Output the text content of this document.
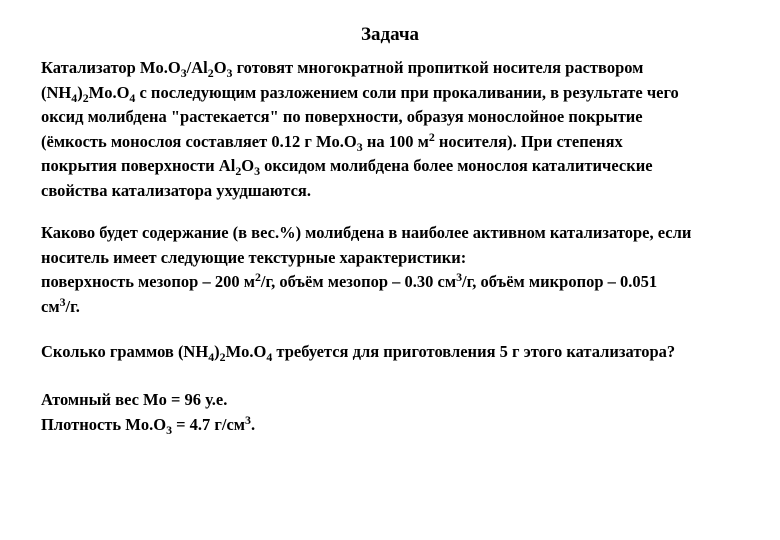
Задача
Катализатор $Mo.O_3/Al_2O_3$ готовят многократной пропиткой носителя раствором
$(NH_4)_2Mo.O_4$ с последующим разложением соли при прокаливании, в результате чего
оксид молибдена "растекается" по поверхности, образуя монослойное покрытие
(ёмкость монослоя составляет 0.12 г $Mo.O_3$ на 100 $м^2$ носителя). При степенях
покрытия поверхности $Al_2O_3$ оксидом молибдена более монослоя каталитические
свойства катализатора ухудшаются.
Каково будет содержание (в вес.%) молибдена в наиболее активном катализаторе, если
носитель имеет следующие текстурные характеристики:
поверхность мезопор – 200 $м^2/г$, объём мезопор – 0.30 $см^3/г$, объём микропор – 0.051
$см^3/г$.
Сколько граммов $(NH_4)_2Mo.O_4$ требуется для приготовления 5 г этого катализатора?
Атомный вес Mo = 96 у.е.
Плотность $Mo.O_3 = 4.7$ $г/см^3$.
